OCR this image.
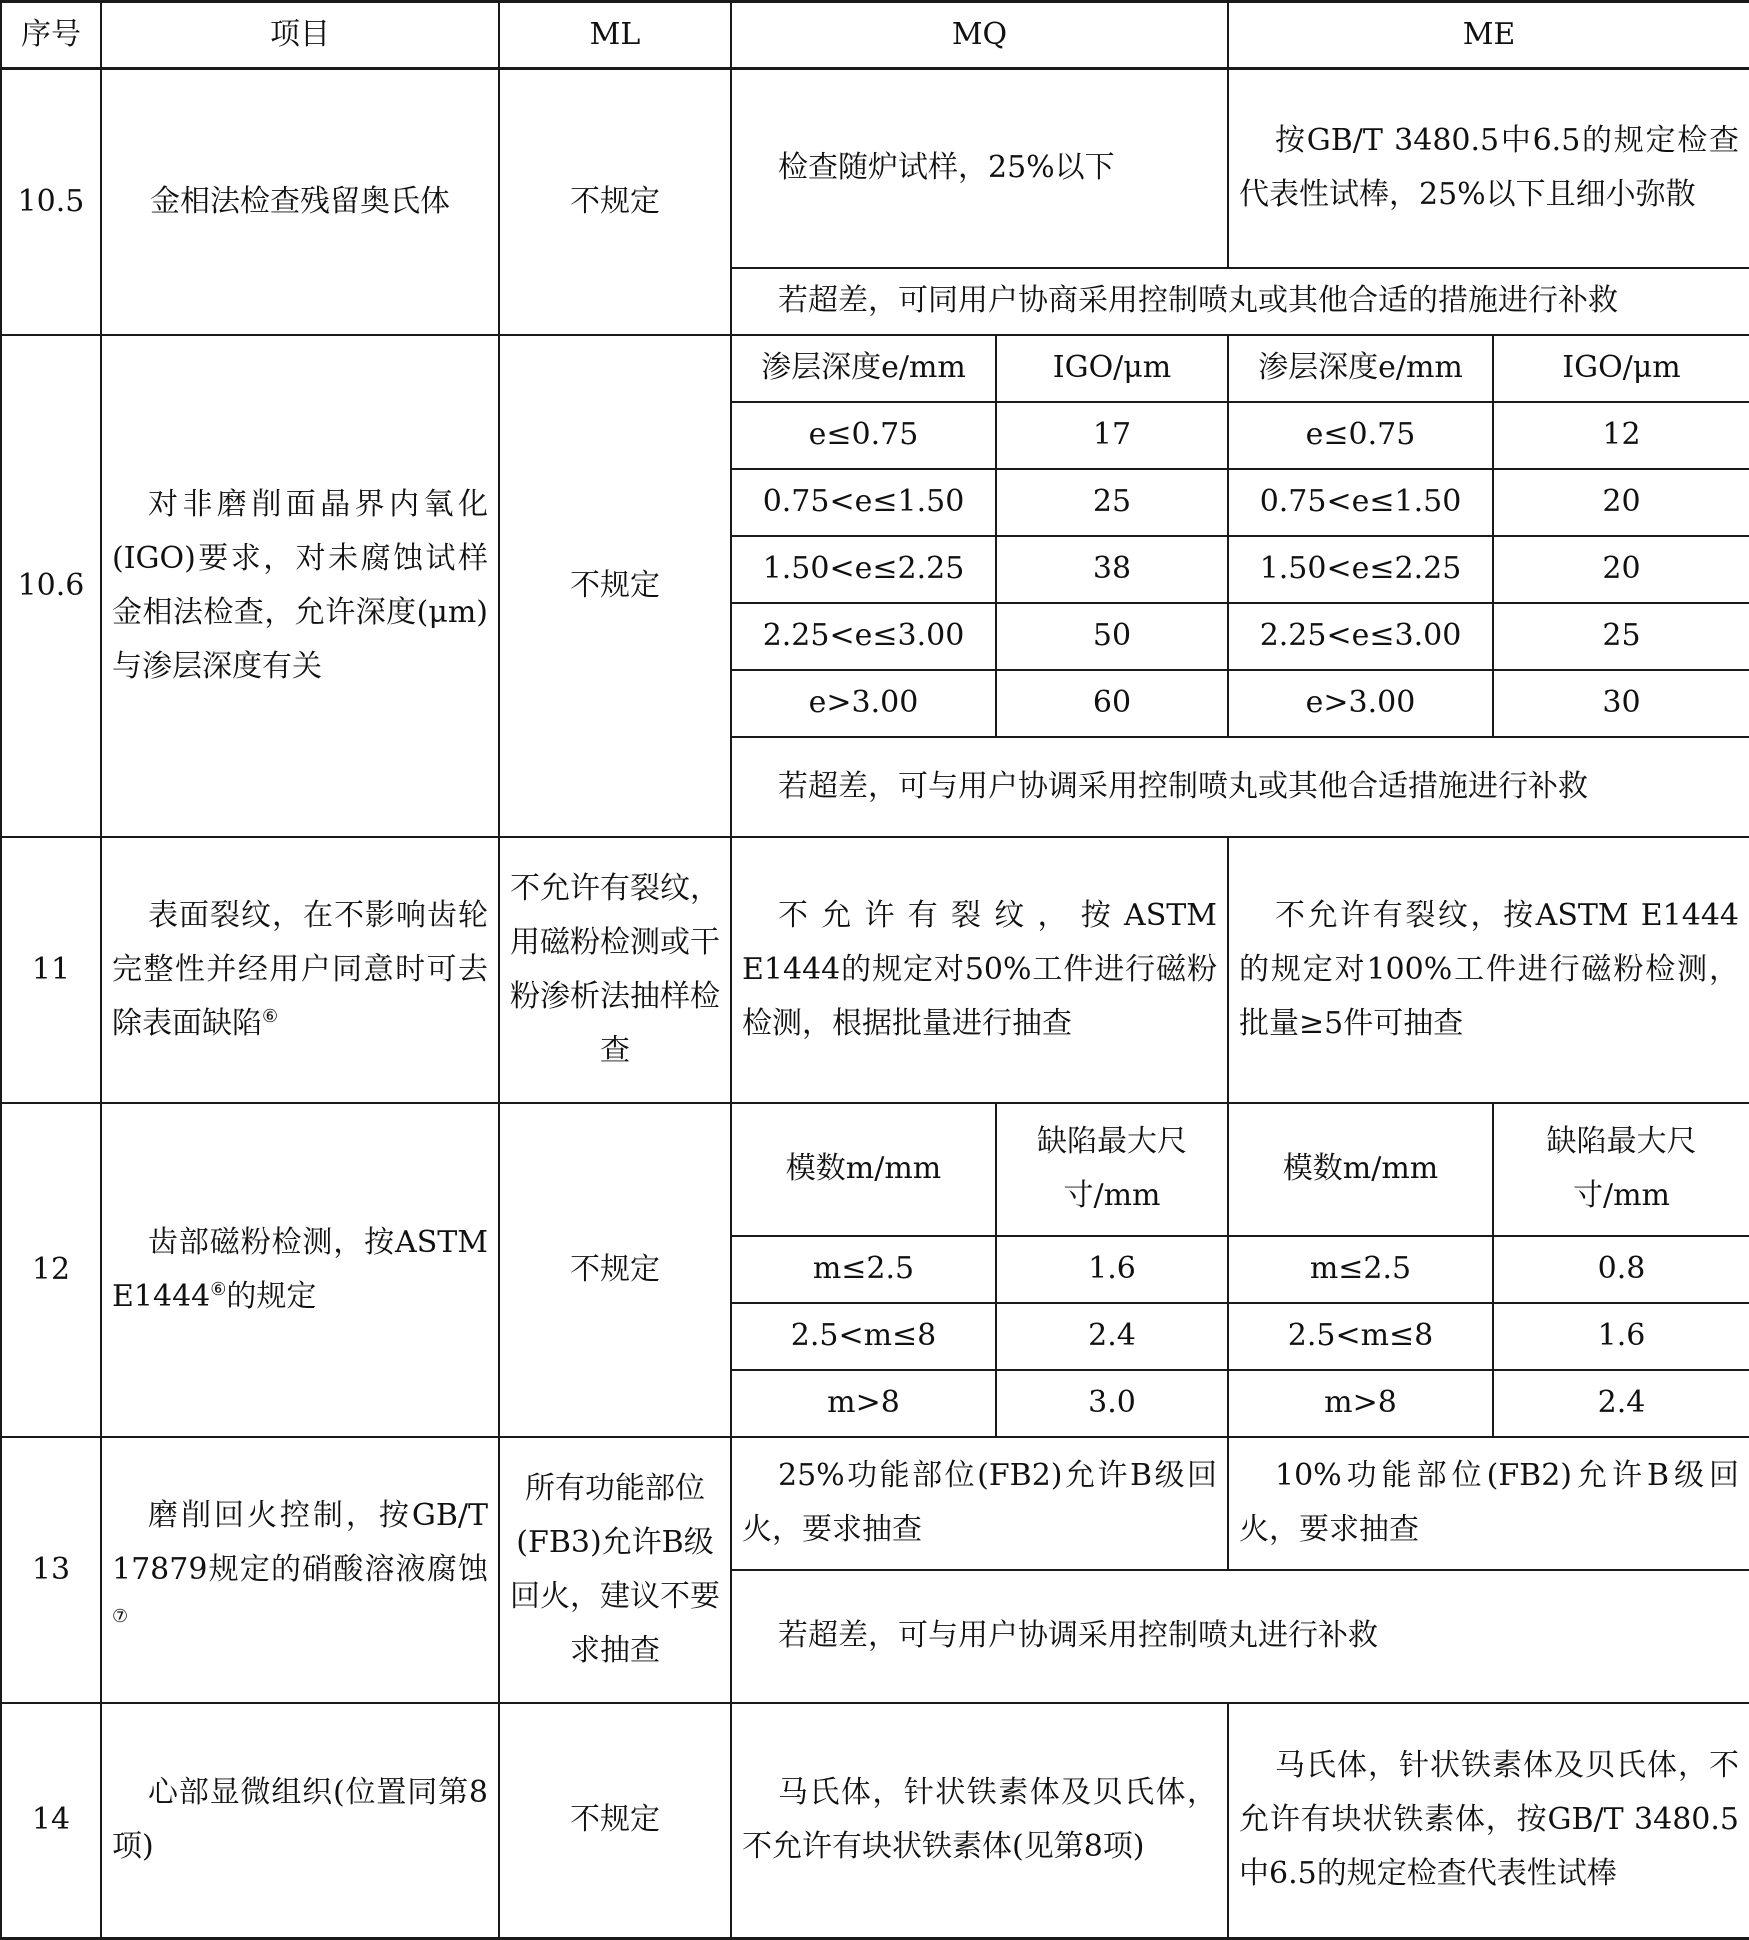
序号	项目	ML	MQ		ME	
10.5	金相法检查残留奥氏体	不规定	检查随炉试样，25%以下		按GB/T 3480.5中6.5的规定检查代表性试棒，25%以下且细小弥散	
			若超差，可同用户协商采用控制喷丸或其他合适的措施进行补救			
10.6	对非磨削面晶界内氧化(IGO)要求，对未腐蚀试样金相法检查，允许深度(μm)与渗层深度有关	不规定	渗层深度e/mm	IGO/μm	渗层深度e/mm	IGO/μm
			e≤0.75	17	e≤0.75	12
			0.75<e≤1.50	25	0.75<e≤1.50	20
			1.50<e≤2.25	38	1.50<e≤2.25	20
			2.25<e≤3.00	50	2.25<e≤3.00	25
			e>3.00	60	e>3.00	30
			若超差，可与用户协调采用控制喷丸或其他合适措施进行补救			
11	表面裂纹，在不影响齿轮完整性并经用户同意时可去除表面缺陷⑥	不允许有裂纹，用磁粉检测或干粉渗析法抽样检查	不允许有裂纹，按ASTM E1444的规定对50%工件进行磁粉检测，根据批量进行抽查		不允许有裂纹，按ASTM E1444的规定对100%工件进行磁粉检测，批量≥5件可抽查	
12	齿部磁粉检测，按ASTM E1444⑥的规定	不规定	模数m/mm	缺陷最大尺寸/mm	模数m/mm	缺陷最大尺寸/mm
			m≤2.5	1.6	m≤2.5	0.8
			2.5<m≤8	2.4	2.5<m≤8	1.6
			m>8	3.0	m>8	2.4
13	磨削回火控制，按GB/T 17879规定的硝酸溶液腐蚀⑦	所有功能部位(FB3)允许B级回火，建议不要求抽查	25%功能部位(FB2)允许B级回火，要求抽查		10%功能部位(FB2)允许B级回火，要求抽查	
			若超差，可与用户协调采用控制喷丸进行补救			
14	心部显微组织(位置同第8项)	不规定	马氏体，针状铁素体及贝氏体，不允许有块状铁素体(见第8项)		马氏体，针状铁素体及贝氏体，不允许有块状铁素体，按GB/T 3480.5中6.5的规定检查代表性试棒	
